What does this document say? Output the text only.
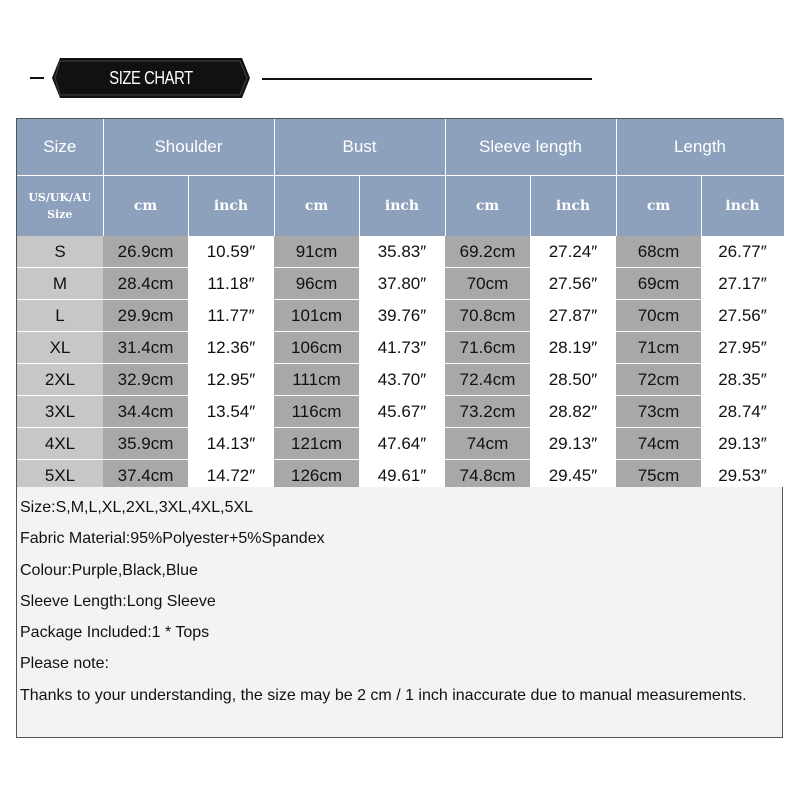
SIZE CHART
Size	Shoulder		Bust		Sleeve length		Length	
US/UK/AU
Size	cm	inch	cm	inch	cm	inch	cm	inch
S	26.9cm	10.59″	91cm	35.83″	69.2cm	27.24″	68cm	26.77″
M	28.4cm	11.18″	96cm	37.80″	70cm	27.56″	69cm	27.17″
L	29.9cm	11.77″	101cm	39.76″	70.8cm	27.87″	70cm	27.56″
XL	31.4cm	12.36″	106cm	41.73″	71.6cm	28.19″	71cm	27.95″
2XL	32.9cm	12.95″	111cm	43.70″	72.4cm	28.50″	72cm	28.35″
3XL	34.4cm	13.54″	116cm	45.67″	73.2cm	28.82″	73cm	28.74″
4XL	35.9cm	14.13″	121cm	47.64″	74cm	29.13″	74cm	29.13″
5XL	37.4cm	14.72″	126cm	49.61″	74.8cm	29.45″	75cm	29.53″
Size:S,M,L,XL,2XL,3XL,4XL,5XL
Fabric Material:95%Polyester+5%Spandex
Colour:Purple,Black,Blue
Sleeve Length:Long Sleeve
Package Included:1 * Tops
Please note:
Thanks to your understanding, the size may be 2 cm / 1 inch inaccurate due to manual measurements.
